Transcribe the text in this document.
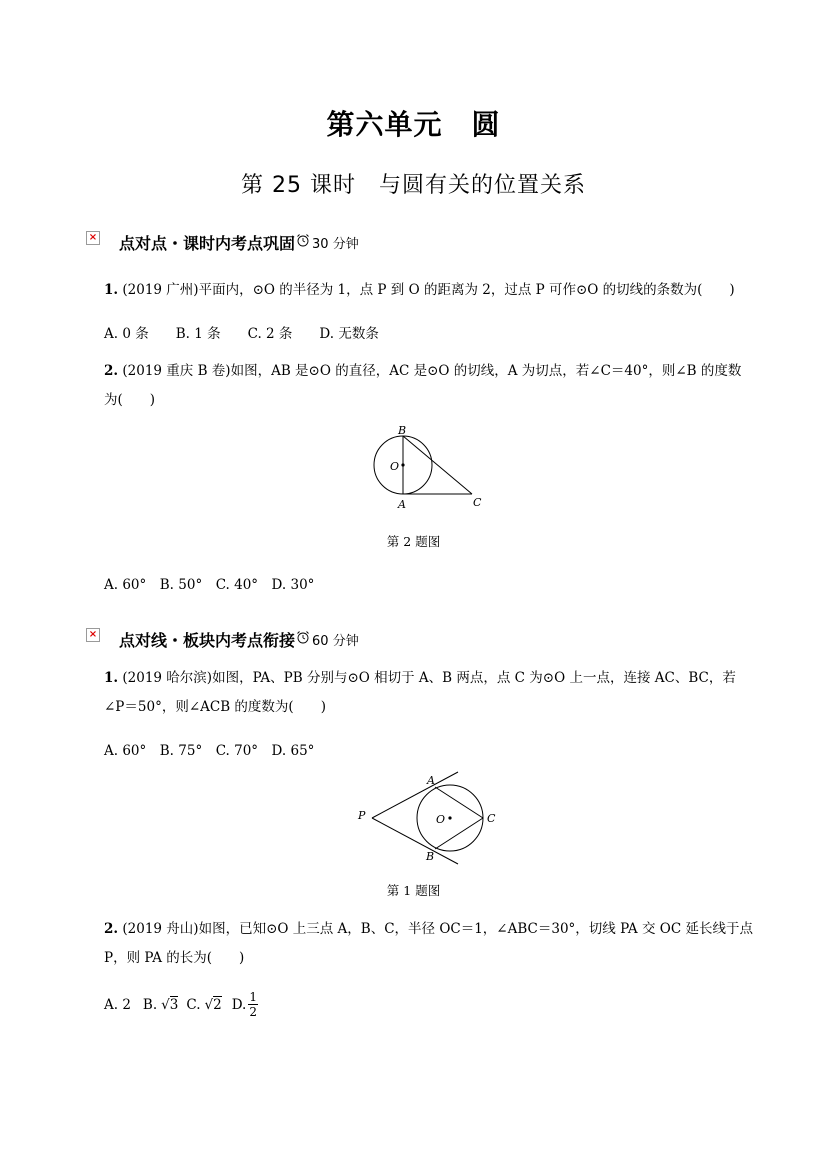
第六单元　圆
第 25 课时　与圆有关的位置关系
× 点对点・课时内考点巩固 30 分钟
1. (2019 广州)平面内，⊙O 的半径为 1，点 P 到 O 的距离为 2，过点 P 可作⊙O 的切线的条数为(　　)
A. 0 条　　B. 1 条　　C. 2 条　　D. 无数条
2. (2019 重庆 B 卷)如图，AB 是⊙O 的直径，AC 是⊙O 的切线，A 为切点，若∠C＝40°，则∠B 的度数为(　　)
B
O
A	C
第 2 题图
A. 60°　B. 50°　C. 40°　D. 30°
× 点对线・板块内考点衔接 60 分钟
1. (2019 哈尔滨)如图，PA、PB 分别与⊙O 相切于 A、B 两点，点 C 为⊙O 上一点，连接 AC、BC，若∠P＝50°，则∠ACB 的度数为(　　)
A. 60°　B. 75°　C. 70°　D. 65°
A
P	O	C
B
第 1 题图
2. (2019 舟山)如图，已知⊙O 上三点 A，B、C，半径 OC＝1，∠ABC＝30°，切线 PA 交 OC 延长线于点 P，则 PA 的长为(　　)
A. 2 B. √3 C. √2 D. $\frac{1}{2}$
